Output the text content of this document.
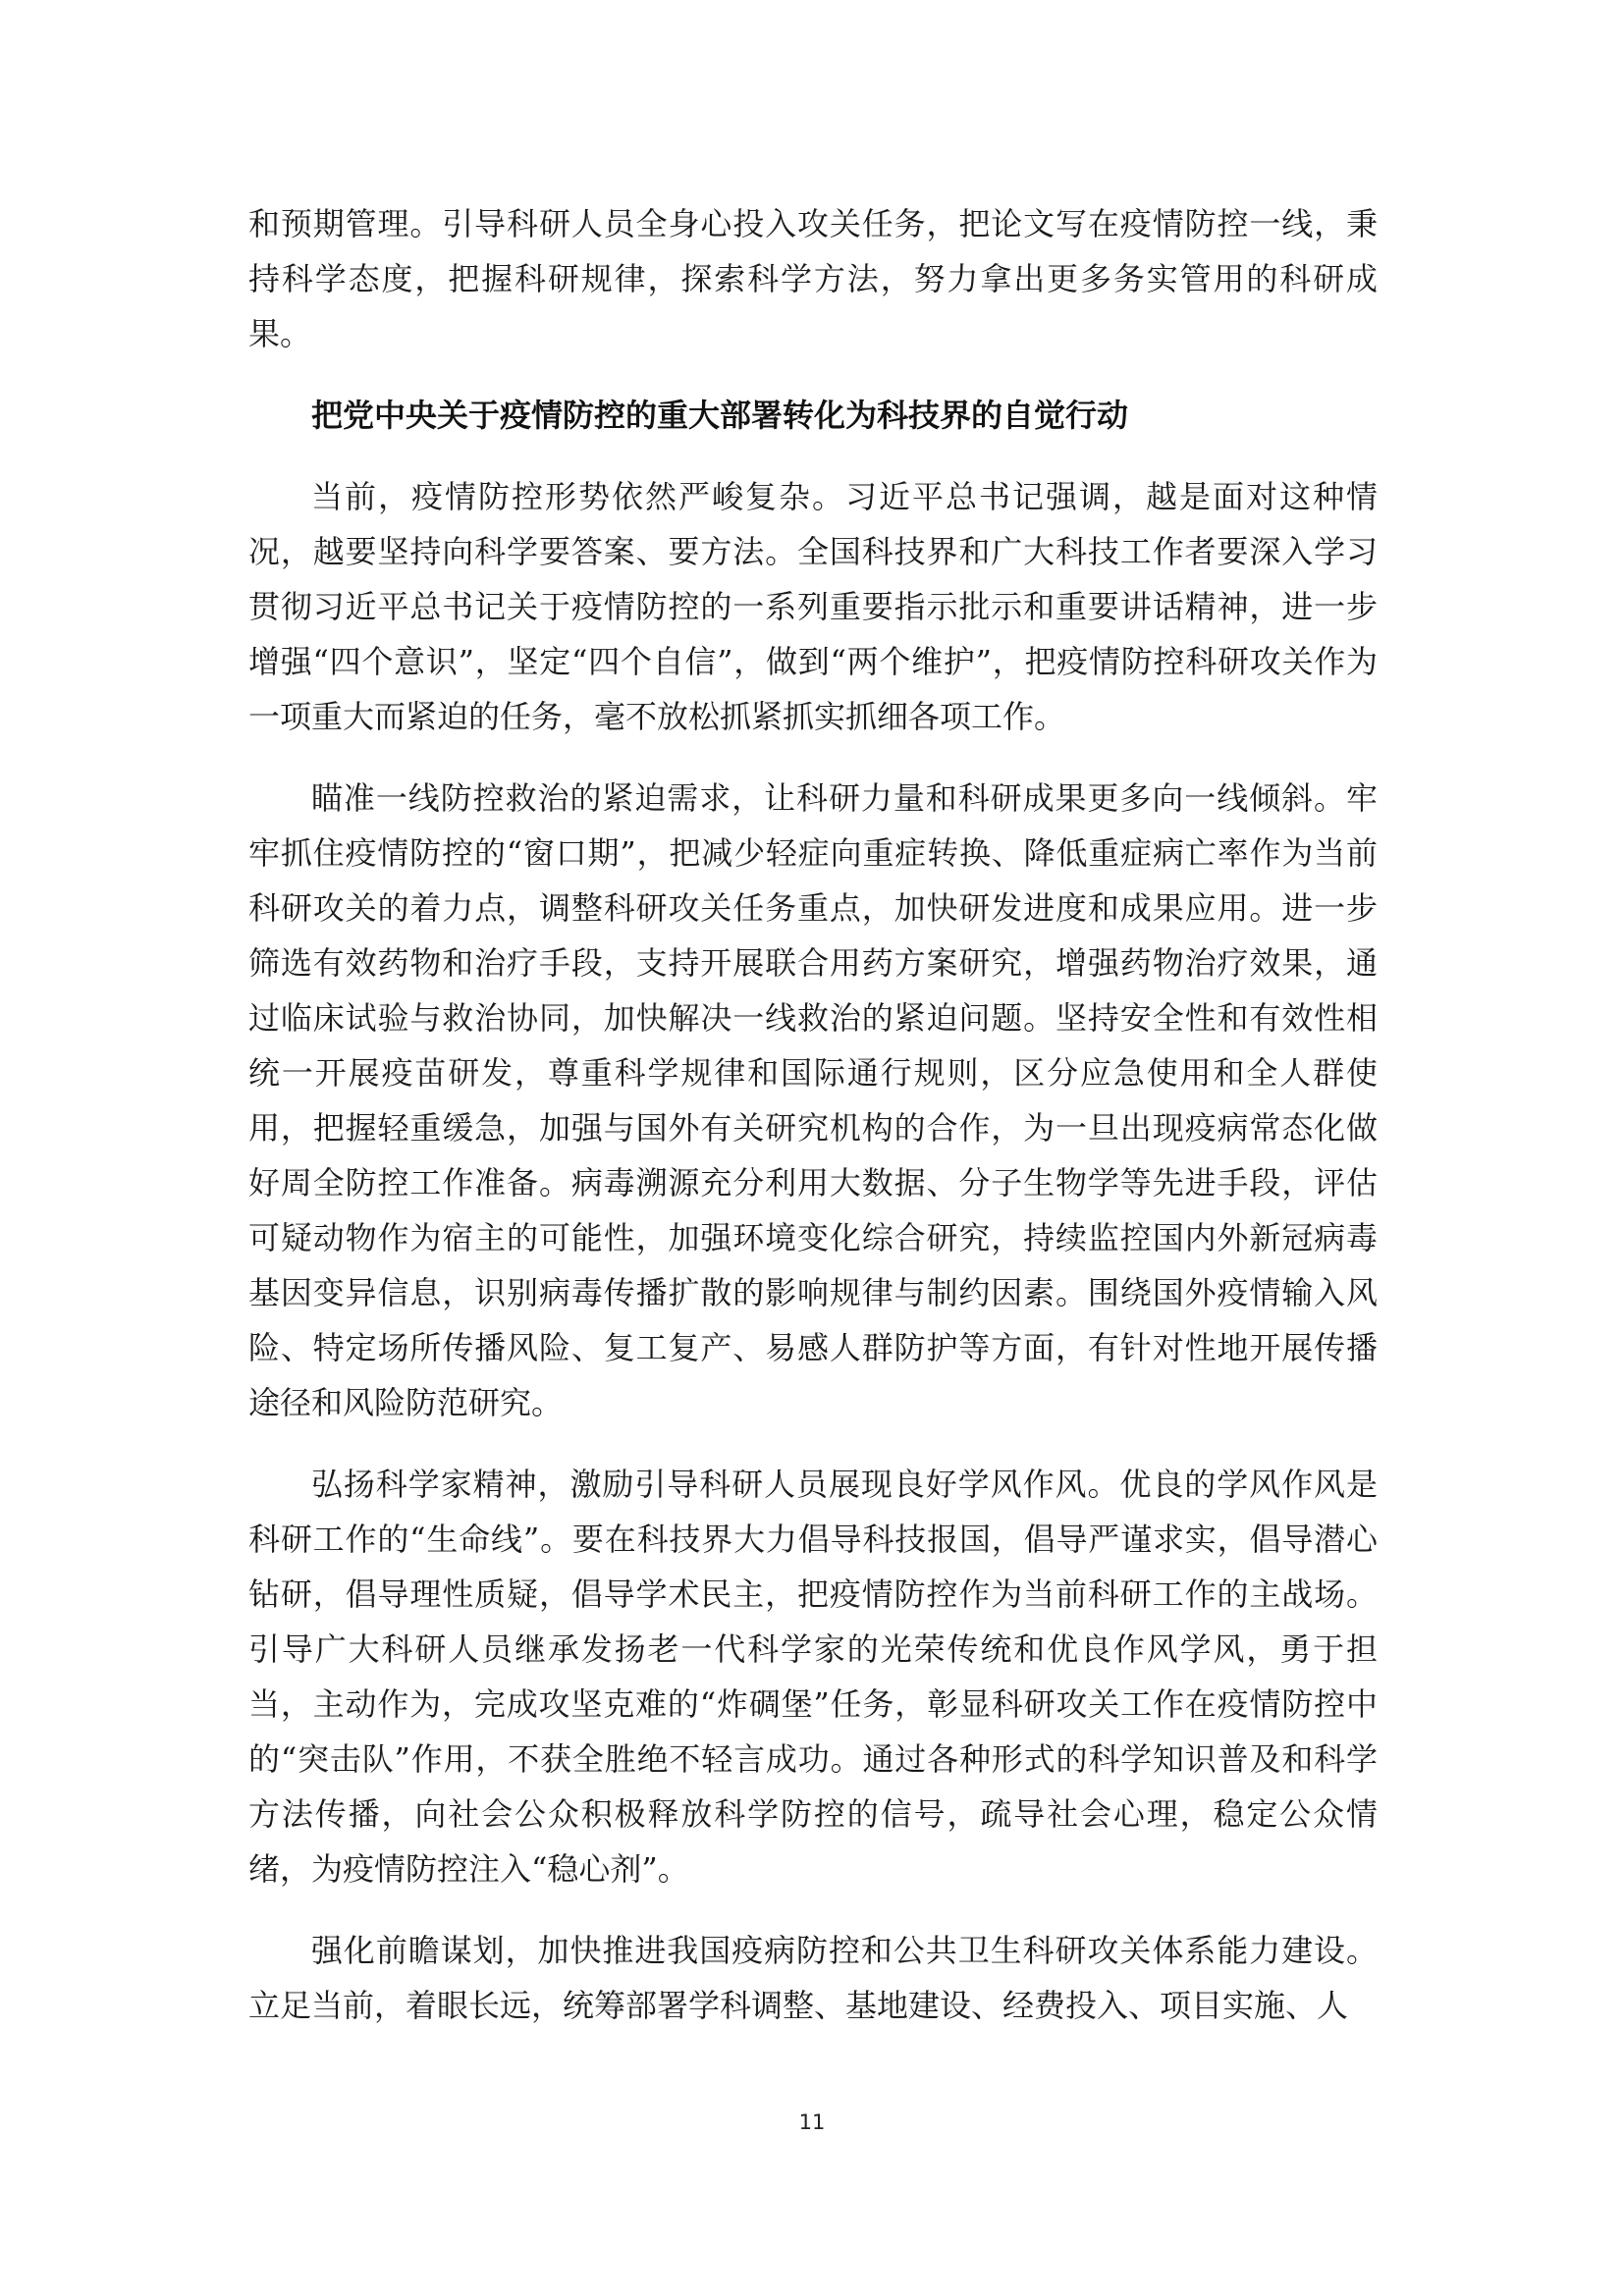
和预期管理。引导科研人员全身心投入攻关任务，把论文写在疫情防控一线，秉持科学态度，把握科研规律，探索科学方法，努力拿出更多务实管用的科研成果。

把党中央关于疫情防控的重大部署转化为科技界的自觉行动

当前，疫情防控形势依然严峻复杂。习近平总书记强调，越是面对这种情况，越要坚持向科学要答案、要方法。全国科技界和广大科技工作者要深入学习贯彻习近平总书记关于疫情防控的一系列重要指示批示和重要讲话精神，进一步增强“四个意识”，坚定“四个自信”，做到“两个维护”，把疫情防控科研攻关作为一项重大而紧迫的任务，毫不放松抓紧抓实抓细各项工作。

瞄准一线防控救治的紧迫需求，让科研力量和科研成果更多向一线倾斜。牢牢抓住疫情防控的“窗口期”，把减少轻症向重症转换、降低重症病亡率作为当前科研攻关的着力点，调整科研攻关任务重点，加快研发进度和成果应用。进一步筛选有效药物和治疗手段，支持开展联合用药方案研究，增强药物治疗效果，通过临床试验与救治协同，加快解决一线救治的紧迫问题。坚持安全性和有效性相统一开展疫苗研发，尊重科学规律和国际通行规则，区分应急使用和全人群使用，把握轻重缓急，加强与国外有关研究机构的合作，为一旦出现疫病常态化做好周全防控工作准备。病毒溯源充分利用大数据、分子生物学等先进手段，评估可疑动物作为宿主的可能性，加强环境变化综合研究，持续监控国内外新冠病毒基因变异信息，识别病毒传播扩散的影响规律与制约因素。围绕国外疫情输入风险、特定场所传播风险、复工复产、易感人群防护等方面，有针对性地开展传播途径和风险防范研究。

弘扬科学家精神，激励引导科研人员展现良好学风作风。优良的学风作风是科研工作的“生命线”。要在科技界大力倡导科技报国，倡导严谨求实，倡导潜心钻研，倡导理性质疑，倡导学术民主，把疫情防控作为当前科研工作的主战场。引导广大科研人员继承发扬老一代科学家的光荣传统和优良作风学风，勇于担当，主动作为，完成攻坚克难的“炸碉堡”任务，彰显科研攻关工作在疫情防控中的“突击队”作用，不获全胜绝不轻言成功。通过各种形式的科学知识普及和科学方法传播，向社会公众积极释放科学防控的信号，疏导社会心理，稳定公众情绪，为疫情防控注入“稳心剂”。

强化前瞻谋划，加快推进我国疫病防控和公共卫生科研攻关体系能力建设。立足当前，着眼长远，统筹部署学科调整、基地建设、经费投入、项目实施、人

11
